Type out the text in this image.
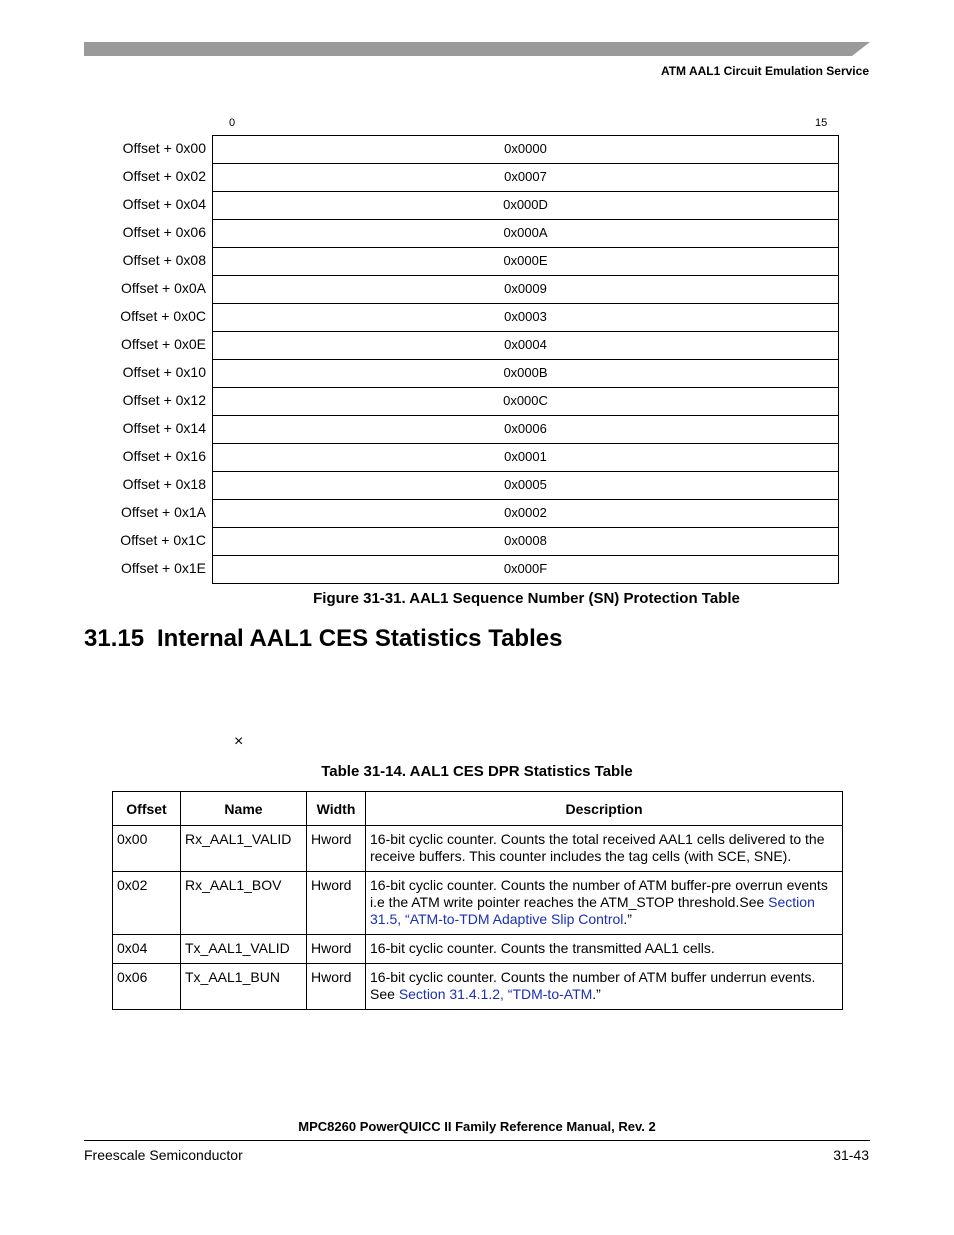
ATM AAL1 Circuit Emulation Service
0	15
Offset + 0x00	0x0000
Offset + 0x02	0x0007
Offset + 0x04	0x000D
Offset + 0x06	0x000A
Offset + 0x08	0x000E
Offset + 0x0A	0x0009
Offset + 0x0C	0x0003
Offset + 0x0E	0x0004
Offset + 0x10	0x000B
Offset + 0x12	0x000C
Offset + 0x14	0x0006
Offset + 0x16	0x0001
Offset + 0x18	0x0005
Offset + 0x1A	0x0002
Offset + 0x1C	0x0008
Offset + 0x1E	0x000F
Figure 31-31. AAL1 Sequence Number (SN) Protection Table
31.15 Internal AAL1 CES Statistics Tables
×
Table 31-14. AAL1 CES DPR Statistics Table
Offset	Name	Width	Description
0x00	Rx_AAL1_VALID	Hword	16-bit cyclic counter. Counts the total received AAL1 cells delivered to the receive buffers. This counter includes the tag cells (with SCE, SNE).
0x02	Rx_AAL1_BOV	Hword	16-bit cyclic counter. Counts the number of ATM buffer-pre overrun events i.e the ATM write pointer reaches the ATM_STOP threshold.See Section 31.5, “ATM-to-TDM Adaptive Slip Control.”
0x04	Tx_AAL1_VALID	Hword	16-bit cyclic counter. Counts the transmitted AAL1 cells.
0x06	Tx_AAL1_BUN	Hword	16-bit cyclic counter. Counts the number of ATM buffer underrun events. See Section 31.4.1.2, “TDM-to-ATM.”
MPC8260 PowerQUICC II Family Reference Manual, Rev. 2
Freescale Semiconductor	31-43
